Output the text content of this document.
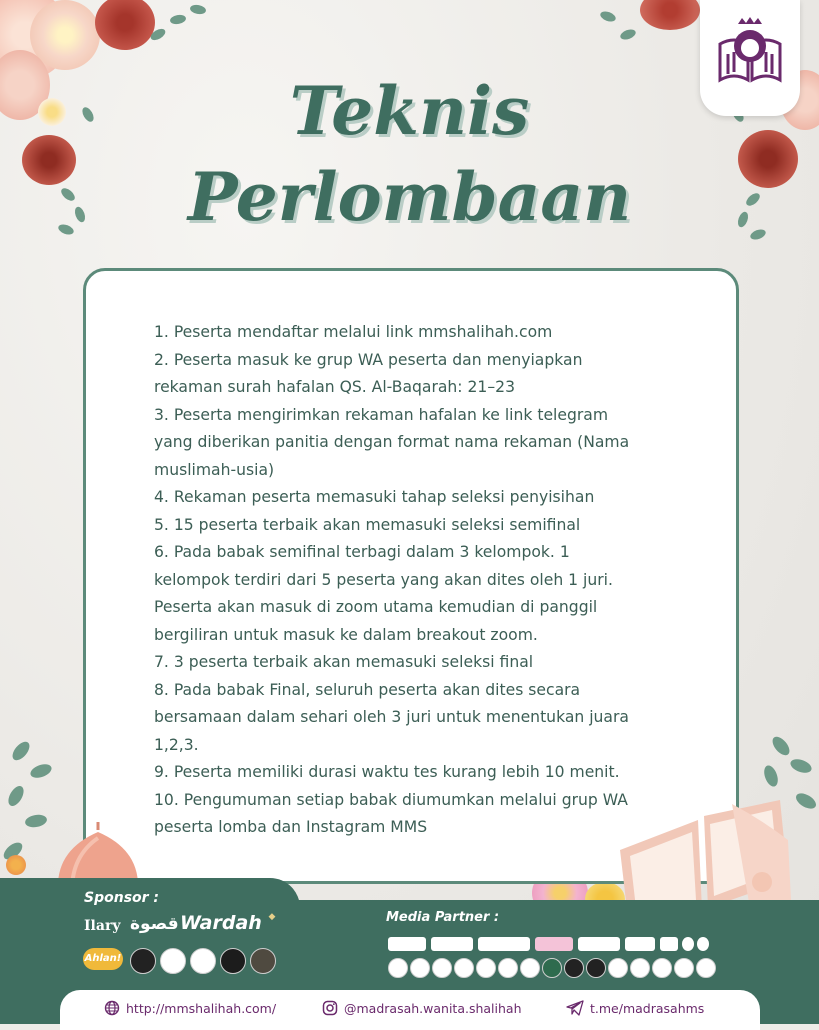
Teknis
Perlombaan
1. Peserta mendaftar melalui link mmshalihah.com
2. Peserta masuk ke grup WA peserta dan menyiapkan
rekaman surah hafalan QS. Al-Baqarah: 21–23
3. Peserta mengirimkan rekaman hafalan ke link telegram
yang diberikan panitia dengan format nama rekaman (Nama
muslimah-usia)
4. Rekaman peserta memasuki tahap seleksi penyisihan
5. 15 peserta terbaik akan memasuki seleksi semifinal
6. Pada babak semifinal terbagi dalam 3 kelompok. 1
kelompok terdiri dari 5 peserta yang akan dites oleh 1 juri.
Peserta akan masuk di zoom utama kemudian di panggil
bergiliran untuk masuk ke dalam breakout zoom.
7. 3 peserta terbaik akan memasuki seleksi final
8. Pada babak Final, seluruh peserta akan dites secara
bersamaan dalam sehari oleh 3 juri untuk menentukan juara
1,2,3.
9. Peserta memiliki durasi waktu tes kurang lebih 10 menit.
10. Pengumuman setiap babak diumumkan melalui grup WA
peserta lomba dan Instagram MMS
Sponsor :
Media Partner :
Ilary قصوة Wardah ◆
Ahlan!
http://mmshalihah.com/	@madrasah.wanita.shalihah	t.me/madrasahms
